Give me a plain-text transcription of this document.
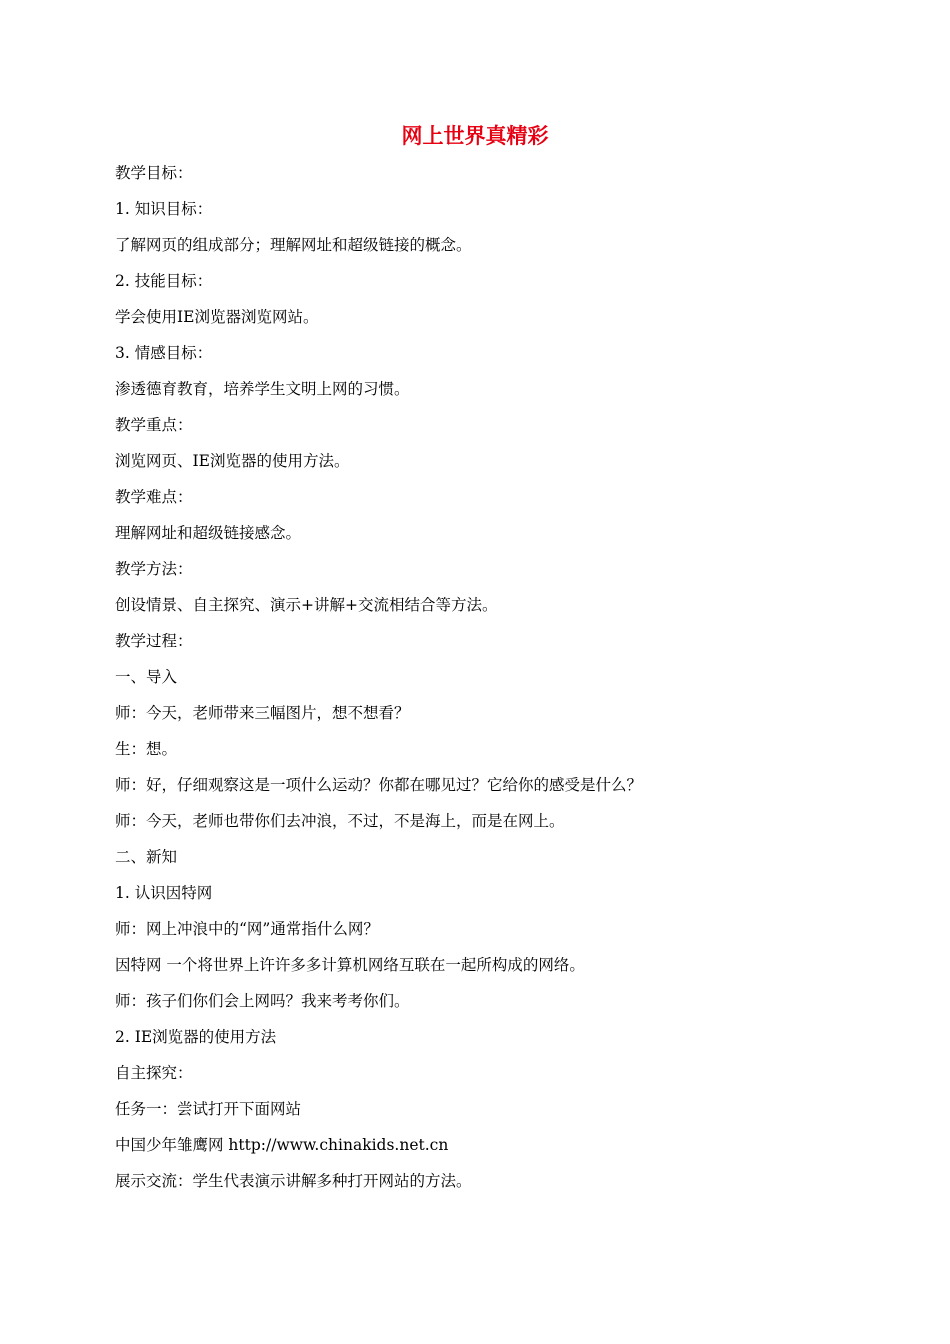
网上世界真精彩
教学目标：
1. 知识目标：
了解网页的组成部分；理解网址和超级链接的概念。
2. 技能目标：
学会使用IE浏览器浏览网站。
3. 情感目标：
渗透德育教育，培养学生文明上网的习惯。
教学重点：
浏览网页、IE浏览器的使用方法。
教学难点：
理解网址和超级链接感念。
教学方法：
创设情景、自主探究、演示+讲解+交流相结合等方法。
教学过程：
一、导入
师：今天，老师带来三幅图片，想不想看？
生：想。
师：好，仔细观察这是一项什么运动？你都在哪见过？它给你的感受是什么？
师：今天，老师也带你们去冲浪，不过，不是海上，而是在网上。
二、新知
1. 认识因特网
师：网上冲浪中的“网”通常指什么网？
因特网 一个将世界上许许多多计算机网络互联在一起所构成的网络。
师：孩子们你们会上网吗？我来考考你们。
2. IE浏览器的使用方法
自主探究：
任务一：尝试打开下面网站
中国少年雏鹰网 http://www.chinakids.net.cn
展示交流：学生代表演示讲解多种打开网站的方法。
